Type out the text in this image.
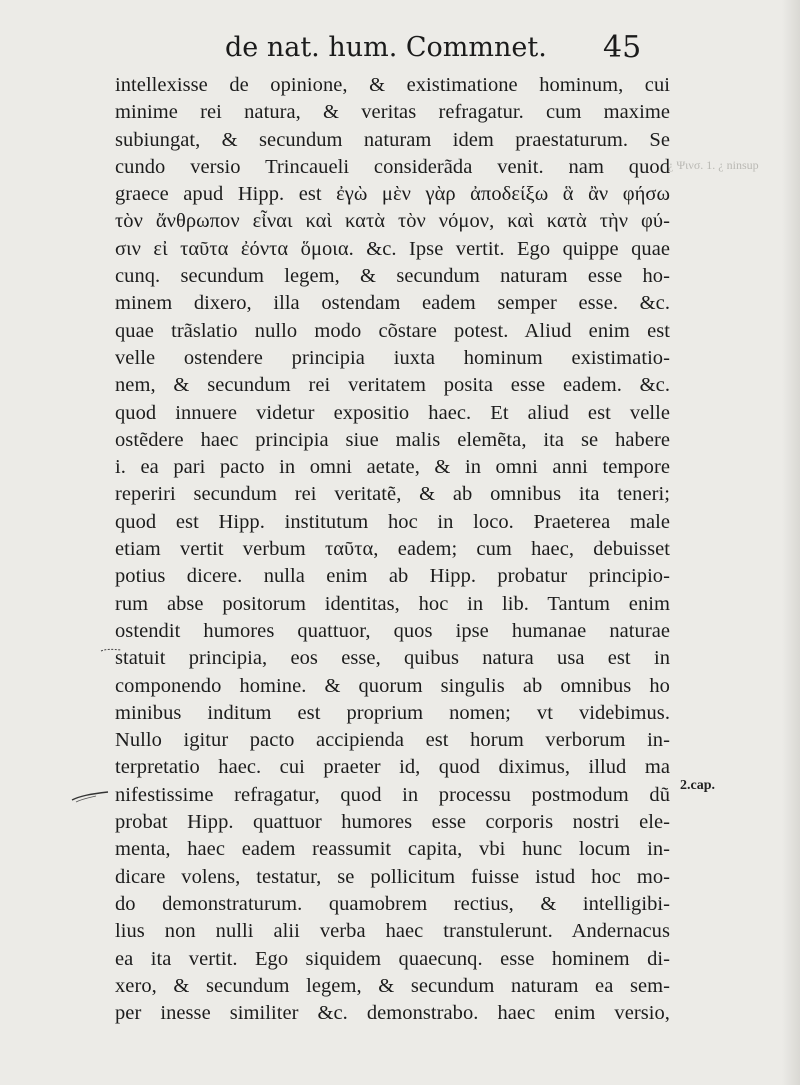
de nat. hum. Commnet. 45
¿ Ψινσ. 1. ¿ ninsup
intellexisse de opinione, & existimatione hominum, cui
minime rei natura, & veritas refragatur. cum maxime
subiungat, & secundum naturam idem praestaturum. Se
cundo versio Trincaueli considerãda venit. nam quod
graece apud Hipp. est ἐγὼ μὲν γὰρ ἀποδείξω ἃ ἂν φήσω
τὸν ἄνθρωπον εἶναι καὶ κατὰ τὸν νόμον, καὶ κατὰ τὴν φύ-
σιν εἰ ταῦτα ἐόντα ὅμοια. &c. Ipse vertit. Ego quippe quae
cunq. secundum legem, & secundum naturam esse ho-
minem dixero, illa ostendam eadem semper esse. &c.
quae trãslatio nullo modo cõstare potest. Aliud enim est
velle ostendere principia iuxta hominum existimatio-
nem, & secundum rei veritatem posita esse eadem. &c.
quod innuere videtur expositio haec. Et aliud est velle
ostẽdere haec principia siue malis elemẽta, ita se habere
i. ea pari pacto in omni aetate, & in omni anni tempore
reperiri secundum rei veritatẽ, & ab omnibus ita teneri;
quod est Hipp. institutum hoc in loco. Praeterea male
etiam vertit verbum ταῦτα, eadem; cum haec, debuisset
potius dicere. nulla enim ab Hipp. probatur principio-
rum abse positorum identitas, hoc in lib. Tantum enim
ostendit humores quattuor, quos ipse humanae naturae
statuit principia, eos esse, quibus natura usa est in
componendo homine. & quorum singulis ab omnibus ho
minibus inditum est proprium nomen; vt videbimus.
Nullo igitur pacto accipienda est horum verborum in-
terpretatio haec. cui praeter id, quod diximus, illud ma
nifestissime refragatur, quod in processu postmodum dũ
probat Hipp. quattuor humores esse corporis nostri ele-
menta, haec eadem reassumit capita, vbi hunc locum in-
dicare volens, testatur, se pollicitum fuisse istud hoc mo-
do demonstraturum. quamobrem rectius, & intelligibi-
lius non nulli alii verba haec transtulerunt. Andernacus
ea ita vertit. Ego siquidem quaecunq. esse hominem di-
xero, & secundum legem, & secundum naturam ea sem-
per inesse similiter &c. demonstrabo. haec enim versio,
2.cap.
